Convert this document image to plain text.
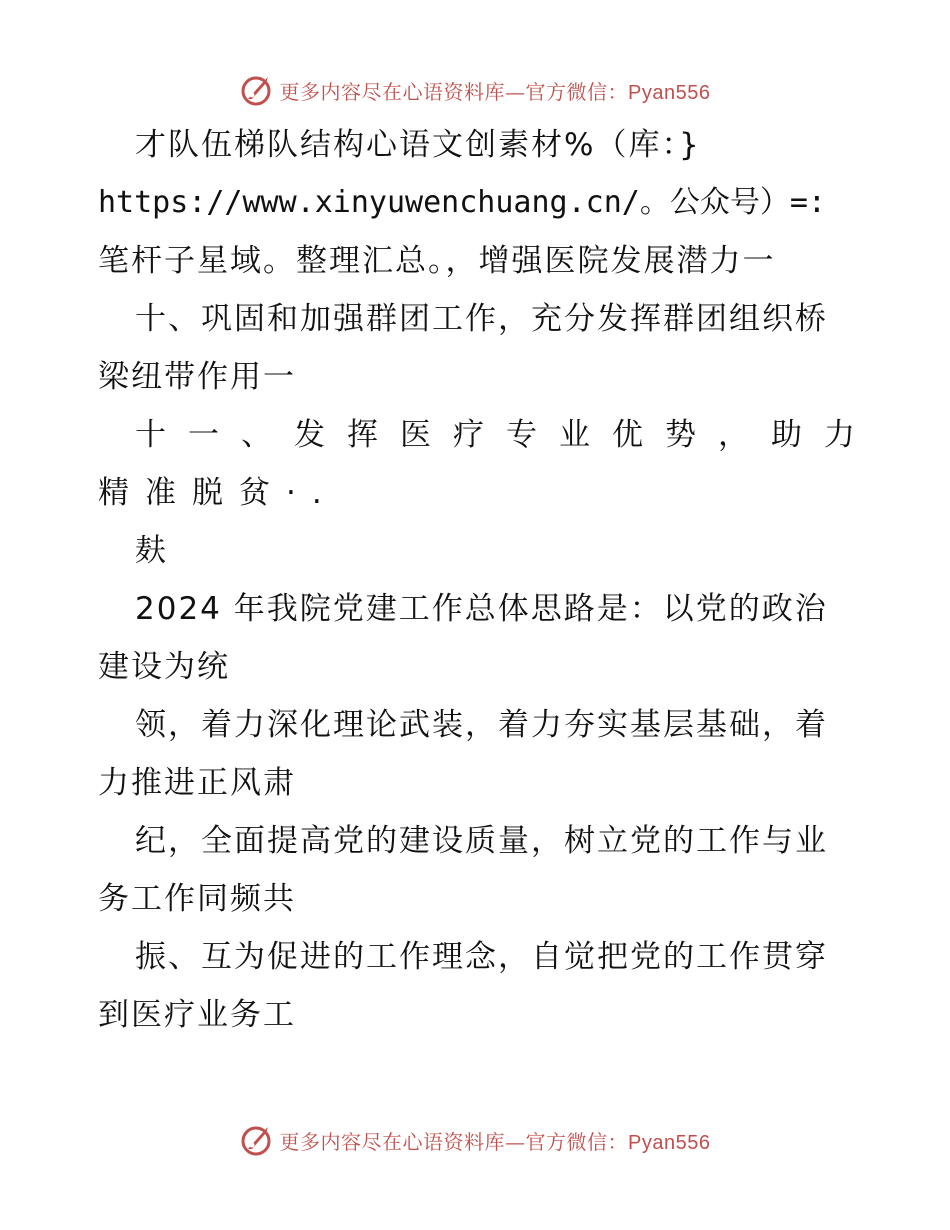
更多内容尽在心语资料库—官方微信：Pyan556
才队伍梯队结构心语文创素材%（库：}
https://www.xinyuwenchuang.cn/。公众号）=:
笔杆子星域。整理汇总。，增强医院发展潜力一
十、巩固和加强群团工作，充分发挥群团组织桥
梁纽带作用一
十一、发挥医疗专业优势，助力
精准脱贫·.
麸
2024 年我院党建工作总体思路是：以党的政治
建设为统
领，着力深化理论武装，着力夯实基层基础，着
力推进正风肃
纪，全面提高党的建设质量，树立党的工作与业
务工作同频共
振、互为促进的工作理念，自觉把党的工作贯穿
到医疗业务工
更多内容尽在心语资料库—官方微信：Pyan556
